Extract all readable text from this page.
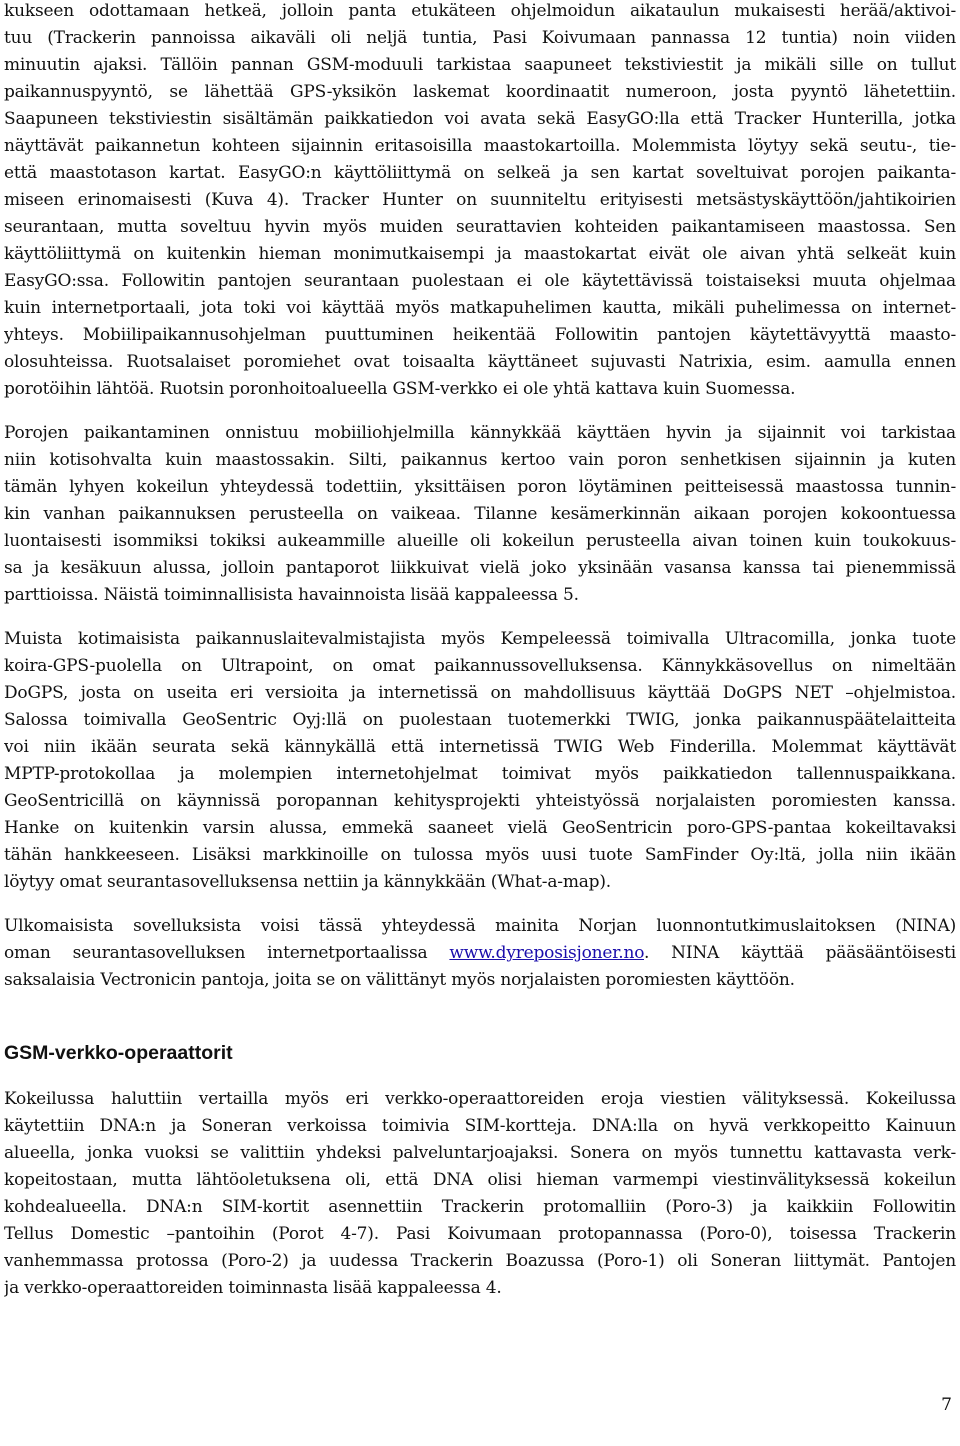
kukseen odottamaan hetkeä, jolloin panta etukäteen ohjelmoidun aikataulun mukaisesti herää/aktivoi-
tuu (Trackerin pannoissa aikaväli oli neljä tuntia, Pasi Koivumaan pannassa 12 tuntia) noin viiden
minuutin ajaksi. Tällöin pannan GSM-moduuli tarkistaa saapuneet tekstiviestit ja mikäli sille on tullut
paikannuspyyntö, se lähettää GPS-yksikön laskemat koordinaatit numeroon, josta pyyntö lähetettiin.
Saapuneen tekstiviestin sisältämän paikkatiedon voi avata sekä EasyGO:lla että Tracker Hunterilla, jotka
näyttävät paikannetun kohteen sijainnin eritasoisilla maastokartoilla. Molemmista löytyy sekä seutu-, tie-
että maastotason kartat. EasyGO:n käyttöliittymä on selkeä ja sen kartat soveltuivat porojen paikanta-
miseen erinomaisesti (Kuva 4). Tracker Hunter on suunniteltu erityisesti metsästyskäyttöön/jahtikoirien
seurantaan, mutta soveltuu hyvin myös muiden seurattavien kohteiden paikantamiseen maastossa. Sen
käyttöliittymä on kuitenkin hieman monimutkaisempi ja maastokartat eivät ole aivan yhtä selkeät kuin
EasyGO:ssa. Followitin pantojen seurantaan puolestaan ei ole käytettävissä toistaiseksi muuta ohjelmaa
kuin internetportaali, jota toki voi käyttää myös matkapuhelimen kautta, mikäli puhelimessa on internet-
yhteys. Mobiilipaikannusohjelman puuttuminen heikentää Followitin pantojen käytettävyyttä maasto-
olosuhteissa. Ruotsalaiset poromiehet ovat toisaalta käyttäneet sujuvasti Natrixia, esim. aamulla ennen
porotöihin lähtöä. Ruotsin poronhoitoalueella GSM-verkko ei ole yhtä kattava kuin Suomessa.
Porojen paikantaminen onnistuu mobiiliohjelmilla kännykkää käyttäen hyvin ja sijainnit voi tarkistaa
niin kotisohvalta kuin maastossakin. Silti, paikannus kertoo vain poron senhetkisen sijainnin ja kuten
tämän lyhyen kokeilun yhteydessä todettiin, yksittäisen poron löytäminen peitteisessä maastossa tunnin-
kin vanhan paikannuksen perusteella on vaikeaa. Tilanne kesämerkinnän aikaan porojen kokoontuessa
luontaisesti isommiksi tokiksi aukeammille alueille oli kokeilun perusteella aivan toinen kuin toukokuus-
sa ja kesäkuun alussa, jolloin pantaporot liikkuivat vielä joko yksinään vasansa kanssa tai pienemmissä
parttioissa. Näistä toiminnallisista havainnoista lisää kappaleessa 5.
Muista kotimaisista paikannuslaitevalmistajista myös Kempeleessä toimivalla Ultracomilla, jonka tuote
koira-GPS-puolella on Ultrapoint, on omat paikannussovelluksensa. Kännykkäsovellus on nimeltään
DoGPS, josta on useita eri versioita ja internetissä on mahdollisuus käyttää DoGPS NET –ohjelmistoa.
Salossa toimivalla GeoSentric Oyj:llä on puolestaan tuotemerkki TWIG, jonka paikannuspäätelaitteita
voi niin ikään seurata sekä kännykällä että internetissä TWIG Web Finderilla. Molemmat käyttävät
MPTP-protokollaa ja molempien internetohjelmat toimivat myös paikkatiedon tallennuspaikkana.
GeoSentricillä on käynnissä poropannan kehitysprojekti yhteistyössä norjalaisten poromiesten kanssa.
Hanke on kuitenkin varsin alussa, emmekä saaneet vielä GeoSentricin poro-GPS-pantaa kokeiltavaksi
tähän hankkeeseen. Lisäksi markkinoille on tulossa myös uusi tuote SamFinder Oy:ltä, jolla niin ikään
löytyy omat seurantasovelluksensa nettiin ja kännykkään (What-a-map).
Ulkomaisista sovelluksista voisi tässä yhteydessä mainita Norjan luonnontutkimuslaitoksen (NINA)
oman seurantasovelluksen internetportaalissa www.dyreposisjoner.no. NINA käyttää pääsääntöisesti
saksalaisia Vectronicin pantoja, joita se on välittänyt myös norjalaisten poromiesten käyttöön.
GSM-verkko-operaattorit
Kokeilussa haluttiin vertailla myös eri verkko-operaattoreiden eroja viestien välityksessä. Kokeilussa
käytettiin DNA:n ja Soneran verkoissa toimivia SIM-kortteja. DNA:lla on hyvä verkkopeitto Kainuun
alueella, jonka vuoksi se valittiin yhdeksi palveluntarjoajaksi. Sonera on myös tunnettu kattavasta verk-
kopeitostaan, mutta lähtöoletuksena oli, että DNA olisi hieman varmempi viestinvälityksessä kokeilun
kohdealueella. DNA:n SIM-kortit asennettiin Trackerin protomalliin (Poro-3) ja kaikkiin Followitin
Tellus Domestic –pantoihin (Porot 4-7). Pasi Koivumaan protopannassa (Poro-0), toisessa Trackerin
vanhemmassa protossa (Poro-2) ja uudessa Trackerin Boazussa (Poro-1) oli Soneran liittymät. Pantojen
ja verkko-operaattoreiden toiminnasta lisää kappaleessa 4.
7
